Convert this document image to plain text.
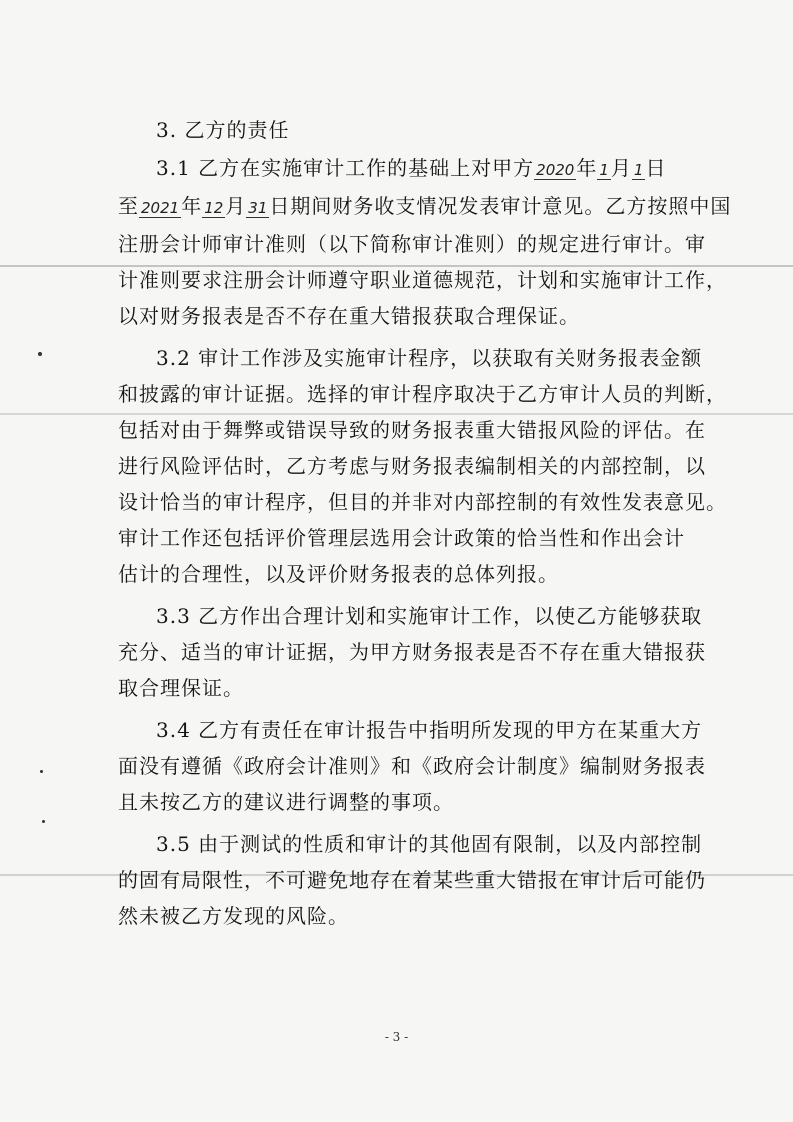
3. 乙方的责任

3.1 乙方在实施审计工作的基础上对甲方 2020 年 1 月 1 日
至 2021 年 12 月 31 日期间财务收支情况发表审计意见。乙方按照中国
注册会计师审计准则（以下简称审计准则）的规定进行审计。审
计准则要求注册会计师遵守职业道德规范，计划和实施审计工作，
以对财务报表是否不存在重大错报获取合理保证。

3.2 审计工作涉及实施审计程序，以获取有关财务报表金额
和披露的审计证据。选择的审计程序取决于乙方审计人员的判断，
包括对由于舞弊或错误导致的财务报表重大错报风险的评估。在
进行风险评估时，乙方考虑与财务报表编制相关的内部控制，以
设计恰当的审计程序，但目的并非对内部控制的有效性发表意见。
审计工作还包括评价管理层选用会计政策的恰当性和作出会计
估计的合理性，以及评价财务报表的总体列报。

3.3 乙方作出合理计划和实施审计工作，以使乙方能够获取
充分、适当的审计证据，为甲方财务报表是否不存在重大错报获
取合理保证。

3.4 乙方有责任在审计报告中指明所发现的甲方在某重大方
面没有遵循《政府会计准则》和《政府会计制度》编制财务报表
且未按乙方的建议进行调整的事项。

3.5 由于测试的性质和审计的其他固有限制，以及内部控制
的固有局限性，不可避免地存在着某些重大错报在审计后可能仍
然未被乙方发现的风险。

- 3 -
